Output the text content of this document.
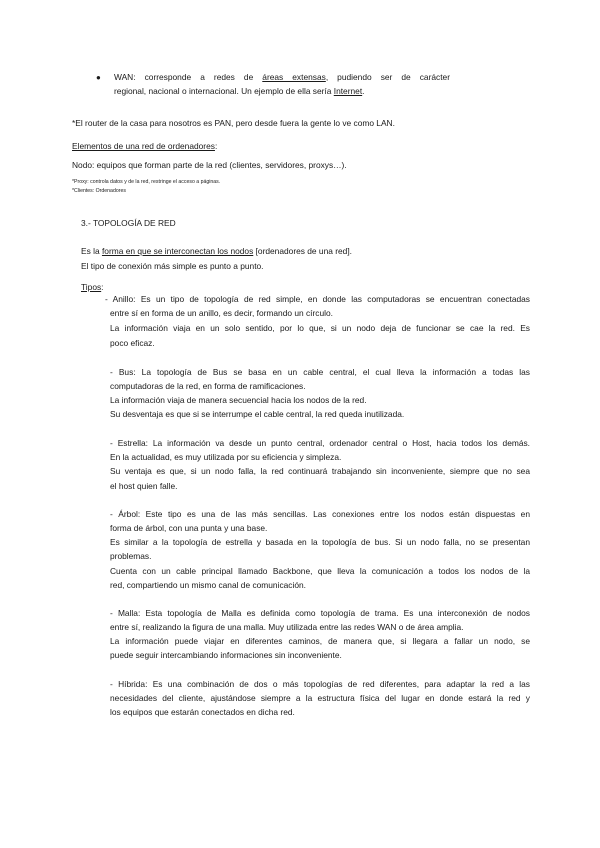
● WAN: corresponde a redes de áreas extensas, pudiendo ser de carácter
regional, nacional o internacional. Un ejemplo de ella sería Internet.
*El router de la casa para nosotros es PAN, pero desde fuera la gente lo ve como LAN.
Elementos de una red de ordenadores:
Nodo: equipos que forman parte de la red (clientes, servidores, proxys…).
*Proxy: controla datos y de la red, restringe el acceso a páginas.
*Clientes: Ordenadores
3.- TOPOLOGÍA DE RED
Es la forma en que se interconectan los nodos [ordenadores de una red].
El tipo de conexión más simple es punto a punto.
Tipos:
- Anillo: Es un tipo de topología de red simple, en donde las computadoras se encuentran conectadas
entre sí en forma de un anillo, es decir, formando un círculo.
La información viaja en un solo sentido, por lo que, si un nodo deja de funcionar se cae la red. Es
poco eficaz.
- Bus: La topología de Bus se basa en un cable central, el cual lleva la información a todas las
computadoras de la red, en forma de ramificaciones.
La información viaja de manera secuencial hacia los nodos de la red.
Su desventaja es que si se interrumpe el cable central, la red queda inutilizada.
- Estrella: La información va desde un punto central, ordenador central o Host, hacia todos los demás.
En la actualidad, es muy utilizada por su eficiencia y simpleza.
Su ventaja es que, si un nodo falla, la red continuará trabajando sin inconveniente, siempre que no sea
el host quien falle.
- Árbol: Este tipo es una de las más sencillas. Las conexiones entre los nodos están dispuestas en
forma de árbol, con una punta y una base.
Es similar a la topología de estrella y basada en la topología de bus. Si un nodo falla, no se presentan
problemas.
Cuenta con un cable principal llamado Backbone, que lleva la comunicación a todos los nodos de la
red, compartiendo un mismo canal de comunicación.
- Malla: Esta topología de Malla es definida como topología de trama. Es una interconexión de nodos
entre sí, realizando la figura de una malla. Muy utilizada entre las redes WAN o de área amplia.
La información puede viajar en diferentes caminos, de manera que, si llegara a fallar un nodo, se
puede seguir intercambiando informaciones sin inconveniente.
- Híbrida: Es una combinación de dos o más topologías de red diferentes, para adaptar la red a las
necesidades del cliente, ajustándose siempre a la estructura física del lugar en donde estará la red y
los equipos que estarán conectados en dicha red.
